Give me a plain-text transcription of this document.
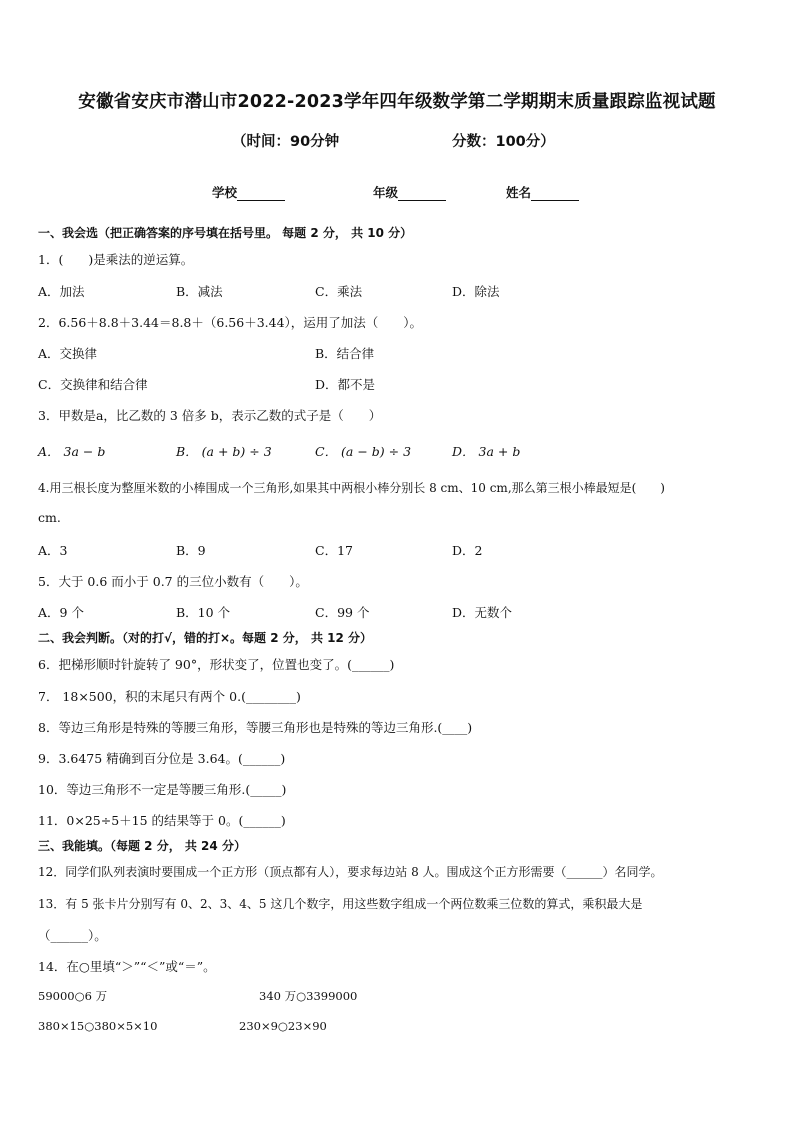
安徽省安庆市潜山市2022-2023学年四年级数学第二学期期末质量跟踪监视试题
（时间：90分钟	分数：100分）
学校	年级	姓名
一、我会选（把正确答案的序号填在括号里。 每题 2 分， 共 10 分）
1．(　　)是乘法的逆运算。
A．加法	B．减法	C．乘法	D．除法
2．6.56＋8.8＋3.44＝8.8＋（6.56＋3.44），运用了加法（　　）。
A．交换律	B．结合律
C．交换律和结合律	D．都不是
3．甲数是a，比乙数的 3 倍多 b，表示乙数的式子是（　　）
A． 3a − b	B． (a + b) ÷ 3	C． (a − b) ÷ 3	D． 3a + b
4.用三根长度为整厘米数的小棒围成一个三角形,如果其中两根小棒分别长 8 cm、10 cm,那么第三根小棒最短是(　　)
cm.
A．3	B．9	C．17	D．2
5．大于 0.6 而小于 0.7 的三位小数有（　　）。
A．9 个	B．10 个	C．99 个	D．无数个
二、我会判断。（对的打√，错的打×。每题 2 分， 共 12 分）
6．把梯形顺时针旋转了 90°，形状变了，位置也变了。(______)
7． 18×500，积的末尾只有两个 0.(________)
8．等边三角形是特殊的等腰三角形，等腰三角形也是特殊的等边三角形.(____)
9．3.6475 精确到百分位是 3.64。(______)
10．等边三角形不一定是等腰三角形.(_____)
11．0×25÷5＋15 的结果等于 0。(______)
三、我能填。（每题 2 分， 共 24 分）
12．同学们队列表演时要围成一个正方形（顶点都有人），要求每边站 8 人。围成这个正方形需要（______）名同学。
13．有 5 张卡片分别写有 0、2、3、4、5 这几个数字，用这些数字组成一个两位数乘三位数的算式，乘积最大是
（______）。
14．在○里填“＞”“＜”或“＝”。
59000○6 万	340 万○3399000
380×15○380×5×10	230×9○23×90
